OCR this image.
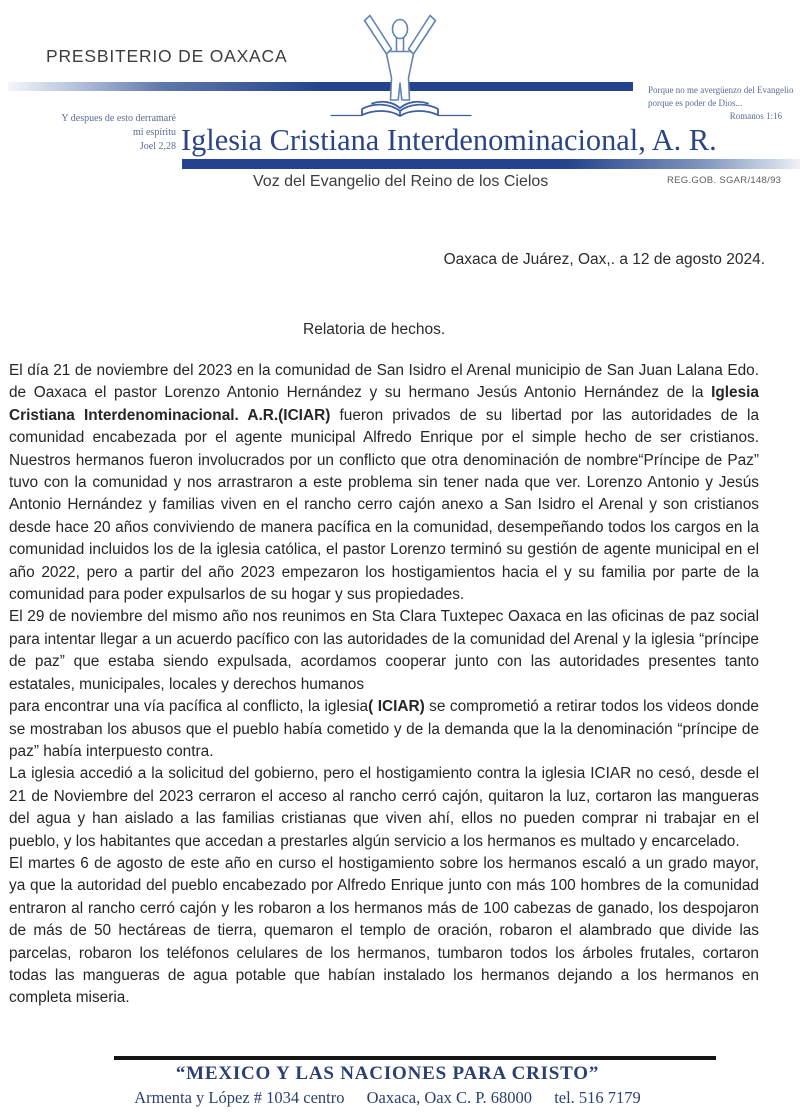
PRESBITERIO DE OAXACA
Porque no me avergüenzo del Evangelio
porque es poder de Dios...
Romanos 1:16
Y despues de esto derramaré
mi espíritu
Joel 2,28 Iglesia Cristiana Interdenominacional, A. R.
Voz del Evangelio del Reino de los Cielos	REG.GOB. SGAR/148/93
Oaxaca de Juárez, Oax,. a 12 de agosto 2024.
Relatoria de hechos.

El día 21 de noviembre del 2023 en la comunidad de San Isidro el Arenal municipio de San Juan Lalana Edo. de Oaxaca el pastor Lorenzo Antonio Hernández y su hermano Jesús Antonio Hernández de la Iglesia Cristiana Interdenominacional. A.R.(ICIAR) fueron privados de su libertad por las autoridades de la comunidad encabezada por el agente municipal Alfredo Enrique por el simple hecho de ser cristianos. Nuestros hermanos fueron involucrados por un conflicto que otra denominación de nombre“Príncipe de Paz” tuvo con la comunidad y nos arrastraron a este problema sin tener nada que ver. Lorenzo Antonio y Jesús Antonio Hernández y familias viven en el rancho cerro cajón anexo a San Isidro el Arenal y son cristianos desde hace 20 años conviviendo de manera pacífica en la comunidad, desempeñando todos los cargos en la comunidad incluidos los de la iglesia católica, el pastor Lorenzo terminó su gestión de agente municipal en el año 2022, pero a partir del año 2023 empezaron los hostigamientos hacia el y su familia por parte de la comunidad para poder expulsarlos de su hogar y sus propiedades.

El 29 de noviembre del mismo año nos reunimos en Sta Clara Tuxtepec Oaxaca en las oficinas de paz social para intentar llegar a un acuerdo pacífico con las autoridades de la comunidad del Arenal y la iglesia “príncipe de paz” que estaba siendo expulsada, acordamos cooperar junto con las autoridades presentes tanto estatales, municipales, locales y derechos humanos
para encontrar una vía pacífica al conflicto, la iglesia( ICIAR) se comprometió a retirar todos los videos donde se mostraban los abusos que el pueblo había cometido y de la demanda que la la denominación “príncipe de paz” había interpuesto contra.

La iglesia accedió a la solicitud del gobierno, pero el hostigamiento contra la iglesia ICIAR no cesó, desde el 21 de Noviembre del 2023 cerraron el acceso al rancho cerró cajón, quitaron la luz, cortaron las mangueras del agua y han aislado a las familias cristianas que viven ahí, ellos no pueden comprar ni trabajar en el pueblo, y los habitantes que accedan a prestarles algún servicio a los hermanos es multado y encarcelado.

El martes 6 de agosto de este año en curso el hostigamiento sobre los hermanos escaló a un grado mayor, ya que la autoridad del pueblo encabezado por Alfredo Enrique junto con más 100 hombres de la comunidad entraron al rancho cerró cajón y les robaron a los hermanos más de 100 cabezas de ganado, los despojaron de más de 50 hectáreas de tierra, quemaron el templo de oración, robaron el alambrado que divide las parcelas, robaron los teléfonos celulares de los hermanos, tumbaron todos los árboles frutales, cortaron todas las mangueras de agua potable que habían instalado los hermanos dejando a los hermanos en completa miseria.

“MEXICO Y LAS NACIONES PARA CRISTO”
Armenta y López # 1034 centro Oaxaca, Oax C. P. 68000 tel. 516 7179
